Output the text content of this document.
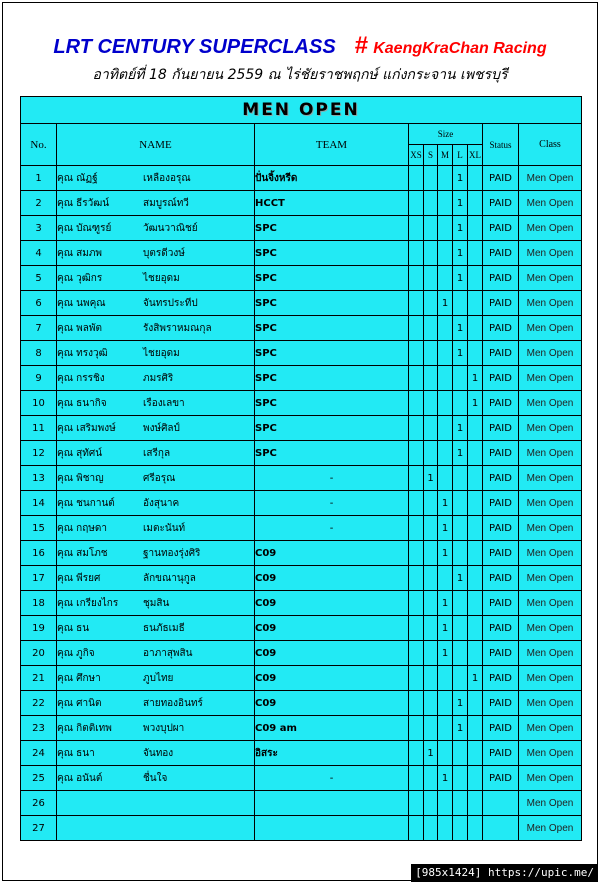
LRT CENTURY SUPERCLASS # KaengKraChan Racing
อาทิตย์ที่ 18 กันยายน 2559 ณ ไร่ชัยราชพฤกษ์ แก่งกระจาน เพชรบุรี
MEN OPEN									
No.	NAME	TEAM	Size					Status	Class
			XS	S	M	L	XL		
1	คุณ ณัฏฐ์ เหลืองอรุณ	ปั่นจิ้งหรีด				1		PAID	Men Open
2	คุณ ธีรวัฒน์ สมบูรณ์ทวี	HCCT				1		PAID	Men Open
3	คุณ บัณฑูรย์ วัฒนวาณิชย์	SPC				1		PAID	Men Open
4	คุณ สมภพ บุตรดีวงษ์	SPC				1		PAID	Men Open
5	คุณ วุฒิกร ไชยอุดม	SPC				1		PAID	Men Open
6	คุณ นพคุณ จันทรประทีป	SPC			1			PAID	Men Open
7	คุณ พลพัต รังสิพราหมณกุล	SPC				1		PAID	Men Open
8	คุณ ทรงวุฒิ ไชยอุดม	SPC				1		PAID	Men Open
9	คุณ กรรชิง ภมรศิริ	SPC					1	PAID	Men Open
10	คุณ ธนากิจ เรืองเลขา	SPC					1	PAID	Men Open
11	คุณ เสริมพงษ์ พงษ์ศิลป์	SPC				1		PAID	Men Open
12	คุณ สุทัศน์ เสรีกุล	SPC				1		PAID	Men Open
13	คุณ พิชาญ ศรีอรุณ	-		1				PAID	Men Open
14	คุณ ชนกานต์ อังสุนาค	-			1			PAID	Men Open
15	คุณ กฤษดา เมตะนันท์	-			1			PAID	Men Open
16	คุณ สมโภช ฐานทองรุ่งศิริ	C09			1			PAID	Men Open
17	คุณ พีรยศ ลักขณานุกูล	C09				1		PAID	Men Open
18	คุณ เกรียงไกร ชุมสิน	C09			1			PAID	Men Open
19	คุณ ธน ธนภัธเมธี	C09			1			PAID	Men Open
20	คุณ ภูกิจ อาภาสุพสิน	C09			1			PAID	Men Open
21	คุณ ศึกษา ภูบไทย	C09					1	PAID	Men Open
22	คุณ ศานิต สายทองอินทร์	C09				1		PAID	Men Open
23	คุณ กิตติเทพ พวงบุปผา	C09 am				1		PAID	Men Open
24	คุณ ธนา จันทอง	อิสระ		1				PAID	Men Open
25	คุณ อนันต์ ชื่นใจ	-			1			PAID	Men Open
26									Men Open
27									Men Open
[985x1424] https://upic.me/
